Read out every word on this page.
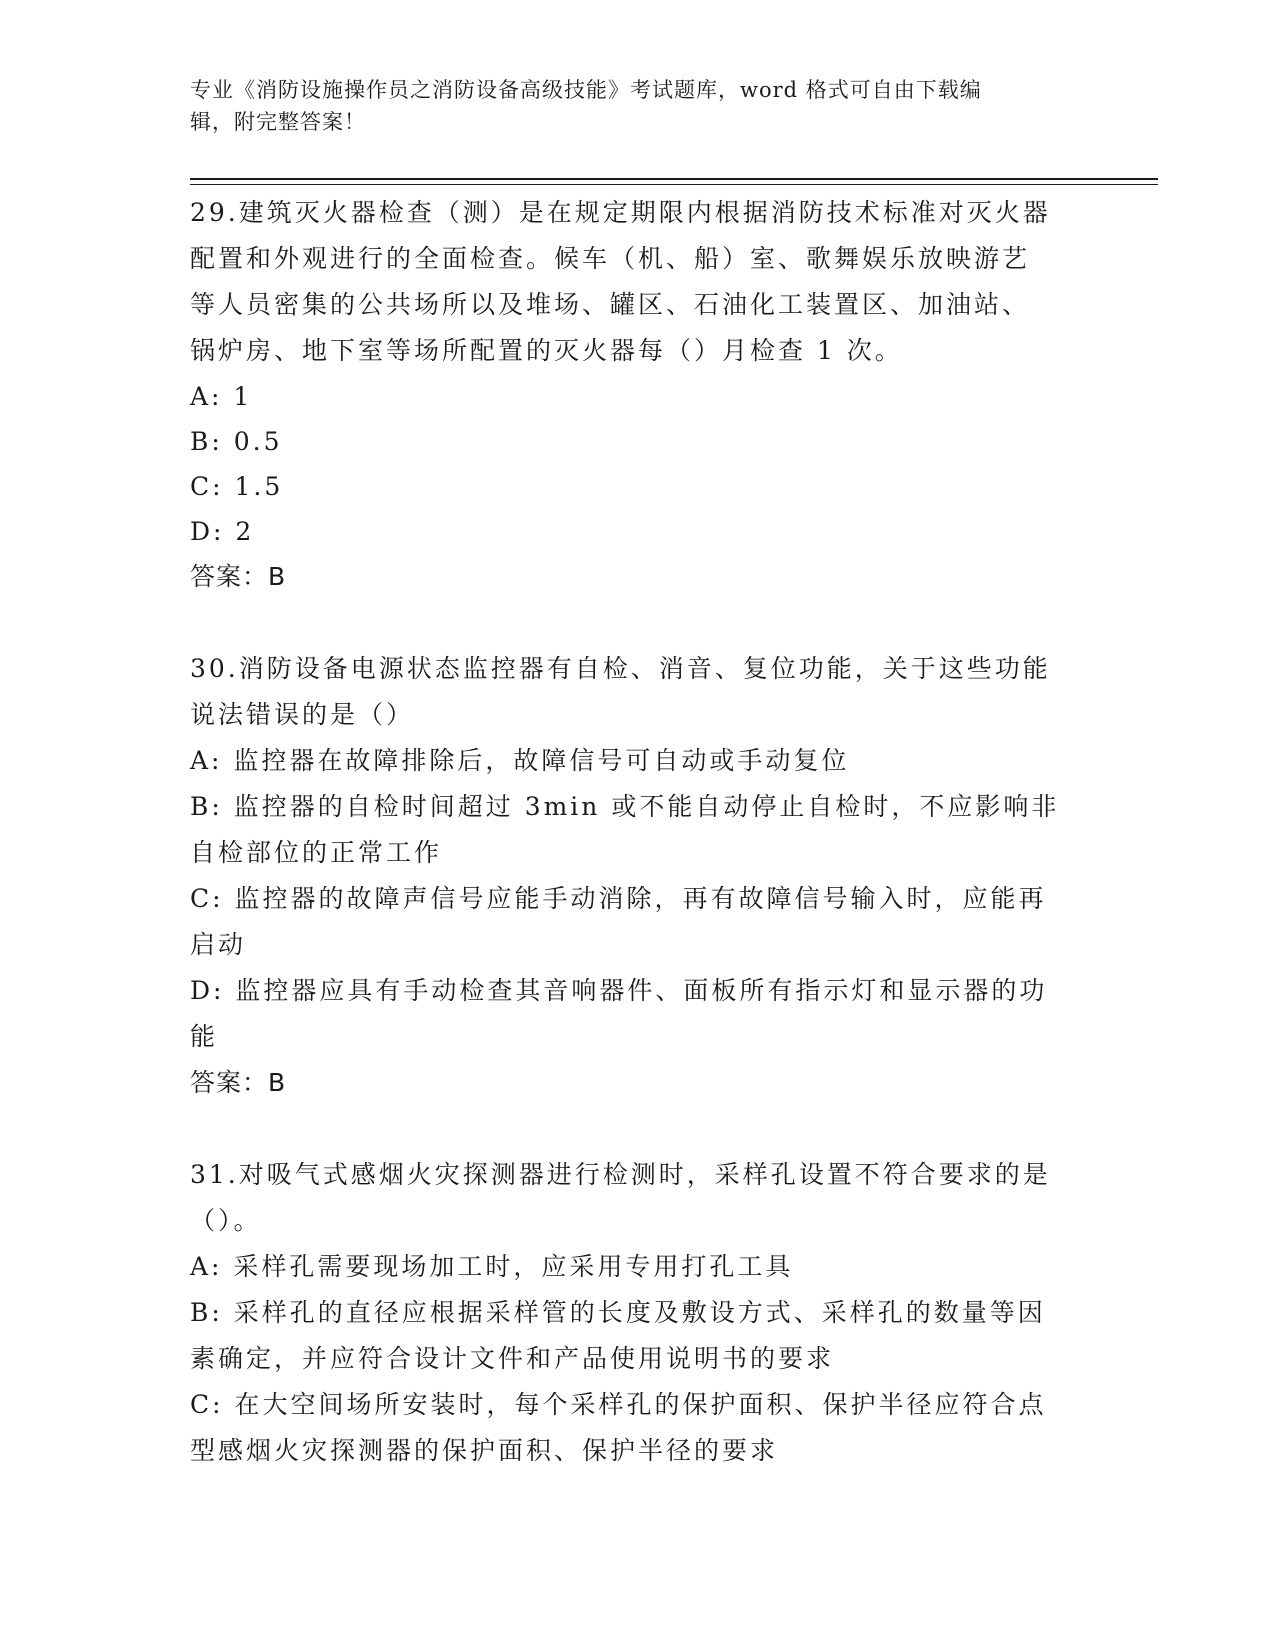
专业《消防设施操作员之消防设备高级技能》考试题库，word 格式可自由下载编
辑，附完整答案！
29.建筑灭火器检查（测）是在规定期限内根据消防技术标准对灭火器
配置和外观进行的全面检查。候车（机、船）室、歌舞娱乐放映游艺
等人员密集的公共场所以及堆场、罐区、石油化工装置区、加油站、
锅炉房、地下室等场所配置的灭火器每（）月检查 1 次。
A: 1
B: 0.5
C: 1.5
D: 2
答案：B
30.消防设备电源状态监控器有自检、消音、复位功能，关于这些功能
说法错误的是（）
A: 监控器在故障排除后，故障信号可自动或手动复位
B: 监控器的自检时间超过 3min 或不能自动停止自检时，不应影响非
自检部位的正常工作
C: 监控器的故障声信号应能手动消除，再有故障信号输入时，应能再
启动
D: 监控器应具有手动检查其音响器件、面板所有指示灯和显示器的功
能
答案：B
31.对吸气式感烟火灾探测器进行检测时，采样孔设置不符合要求的是
（）。
A: 采样孔需要现场加工时，应采用专用打孔工具
B: 采样孔的直径应根据采样管的长度及敷设方式、采样孔的数量等因
素确定，并应符合设计文件和产品使用说明书的要求
C: 在大空间场所安装时，每个采样孔的保护面积、保护半径应符合点
型感烟火灾探测器的保护面积、保护半径的要求
